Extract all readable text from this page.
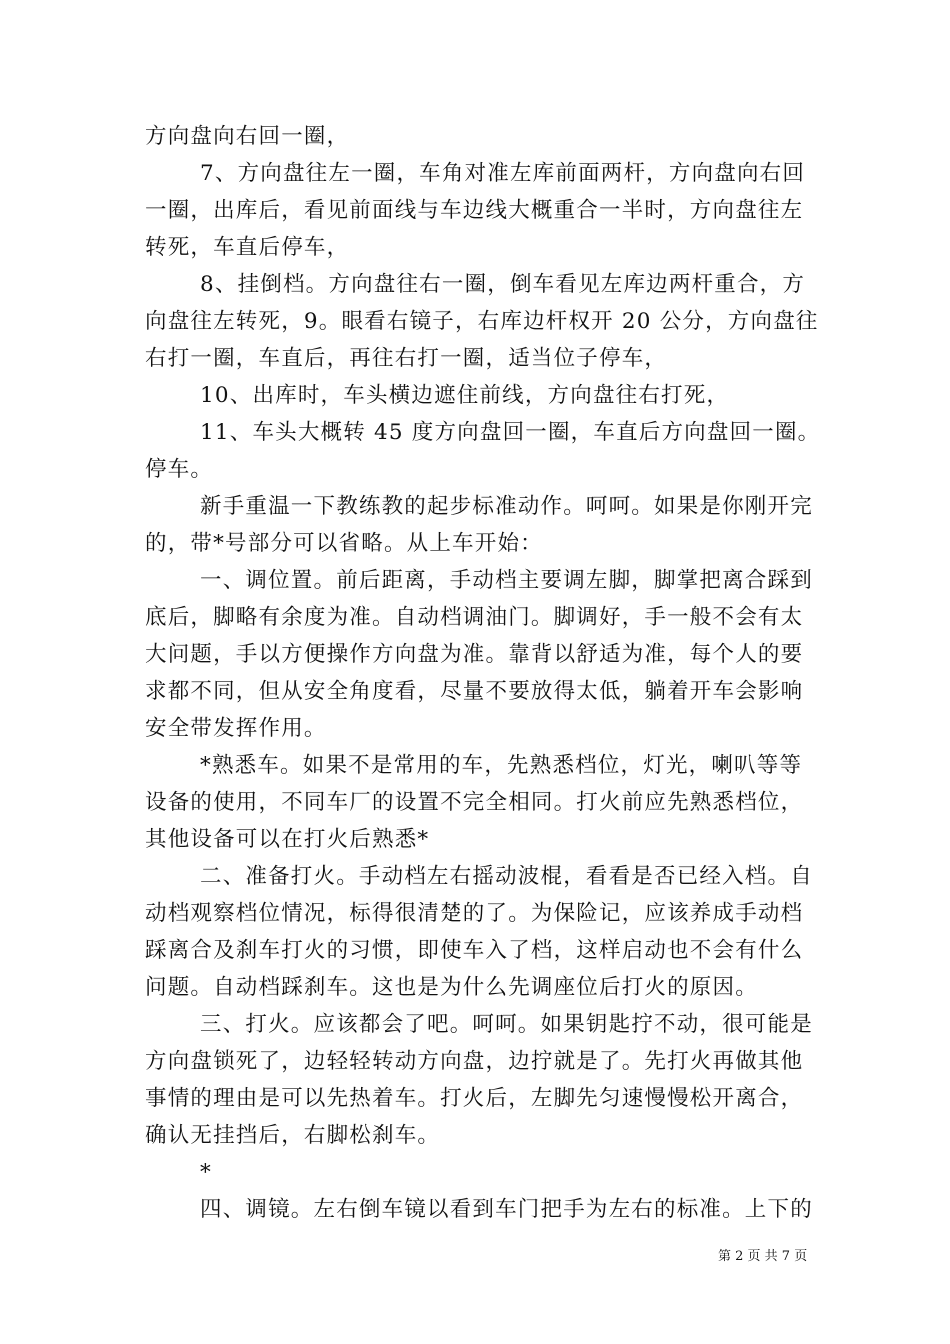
方向盘向右回一圈，
7、方向盘往左一圈，车角对准左库前面两杆，方向盘向右回
一圈，出库后，看见前面线与车边线大概重合一半时，方向盘往左
转死，车直后停车，
8、挂倒档。方向盘往右一圈，倒车看见左库边两杆重合，方
向盘往左转死，9。眼看右镜子，右库边杆权开 20 公分，方向盘往
右打一圈，车直后，再往右打一圈，适当位子停车，
10、出库时，车头横边遮住前线，方向盘往右打死，
11、车头大概转 45 度方向盘回一圈，车直后方向盘回一圈。
停车。
新手重温一下教练教的起步标准动作。呵呵。如果是你刚开完
的，带*号部分可以省略。从上车开始：
一、调位置。前后距离，手动档主要调左脚，脚掌把离合踩到
底后，脚略有余度为准。自动档调油门。脚调好，手一般不会有太
大问题，手以方便操作方向盘为准。靠背以舒适为准，每个人的要
求都不同，但从安全角度看，尽量不要放得太低，躺着开车会影响
安全带发挥作用。
*熟悉车。如果不是常用的车，先熟悉档位，灯光，喇叭等等
设备的使用，不同车厂的设置不完全相同。打火前应先熟悉档位，
其他设备可以在打火后熟悉*
二、准备打火。手动档左右摇动波棍，看看是否已经入档。自
动档观察档位情况，标得很清楚的了。为保险记，应该养成手动档
踩离合及刹车打火的习惯，即使车入了档，这样启动也不会有什么
问题。自动档踩刹车。这也是为什么先调座位后打火的原因。
三、打火。应该都会了吧。呵呵。如果钥匙拧不动，很可能是
方向盘锁死了，边轻轻转动方向盘，边拧就是了。先打火再做其他
事情的理由是可以先热着车。打火后，左脚先匀速慢慢松开离合，
确认无挂挡后，右脚松刹车。
*
四、调镜。左右倒车镜以看到车门把手为左右的标准。上下的
第 2 页 共 7 页
